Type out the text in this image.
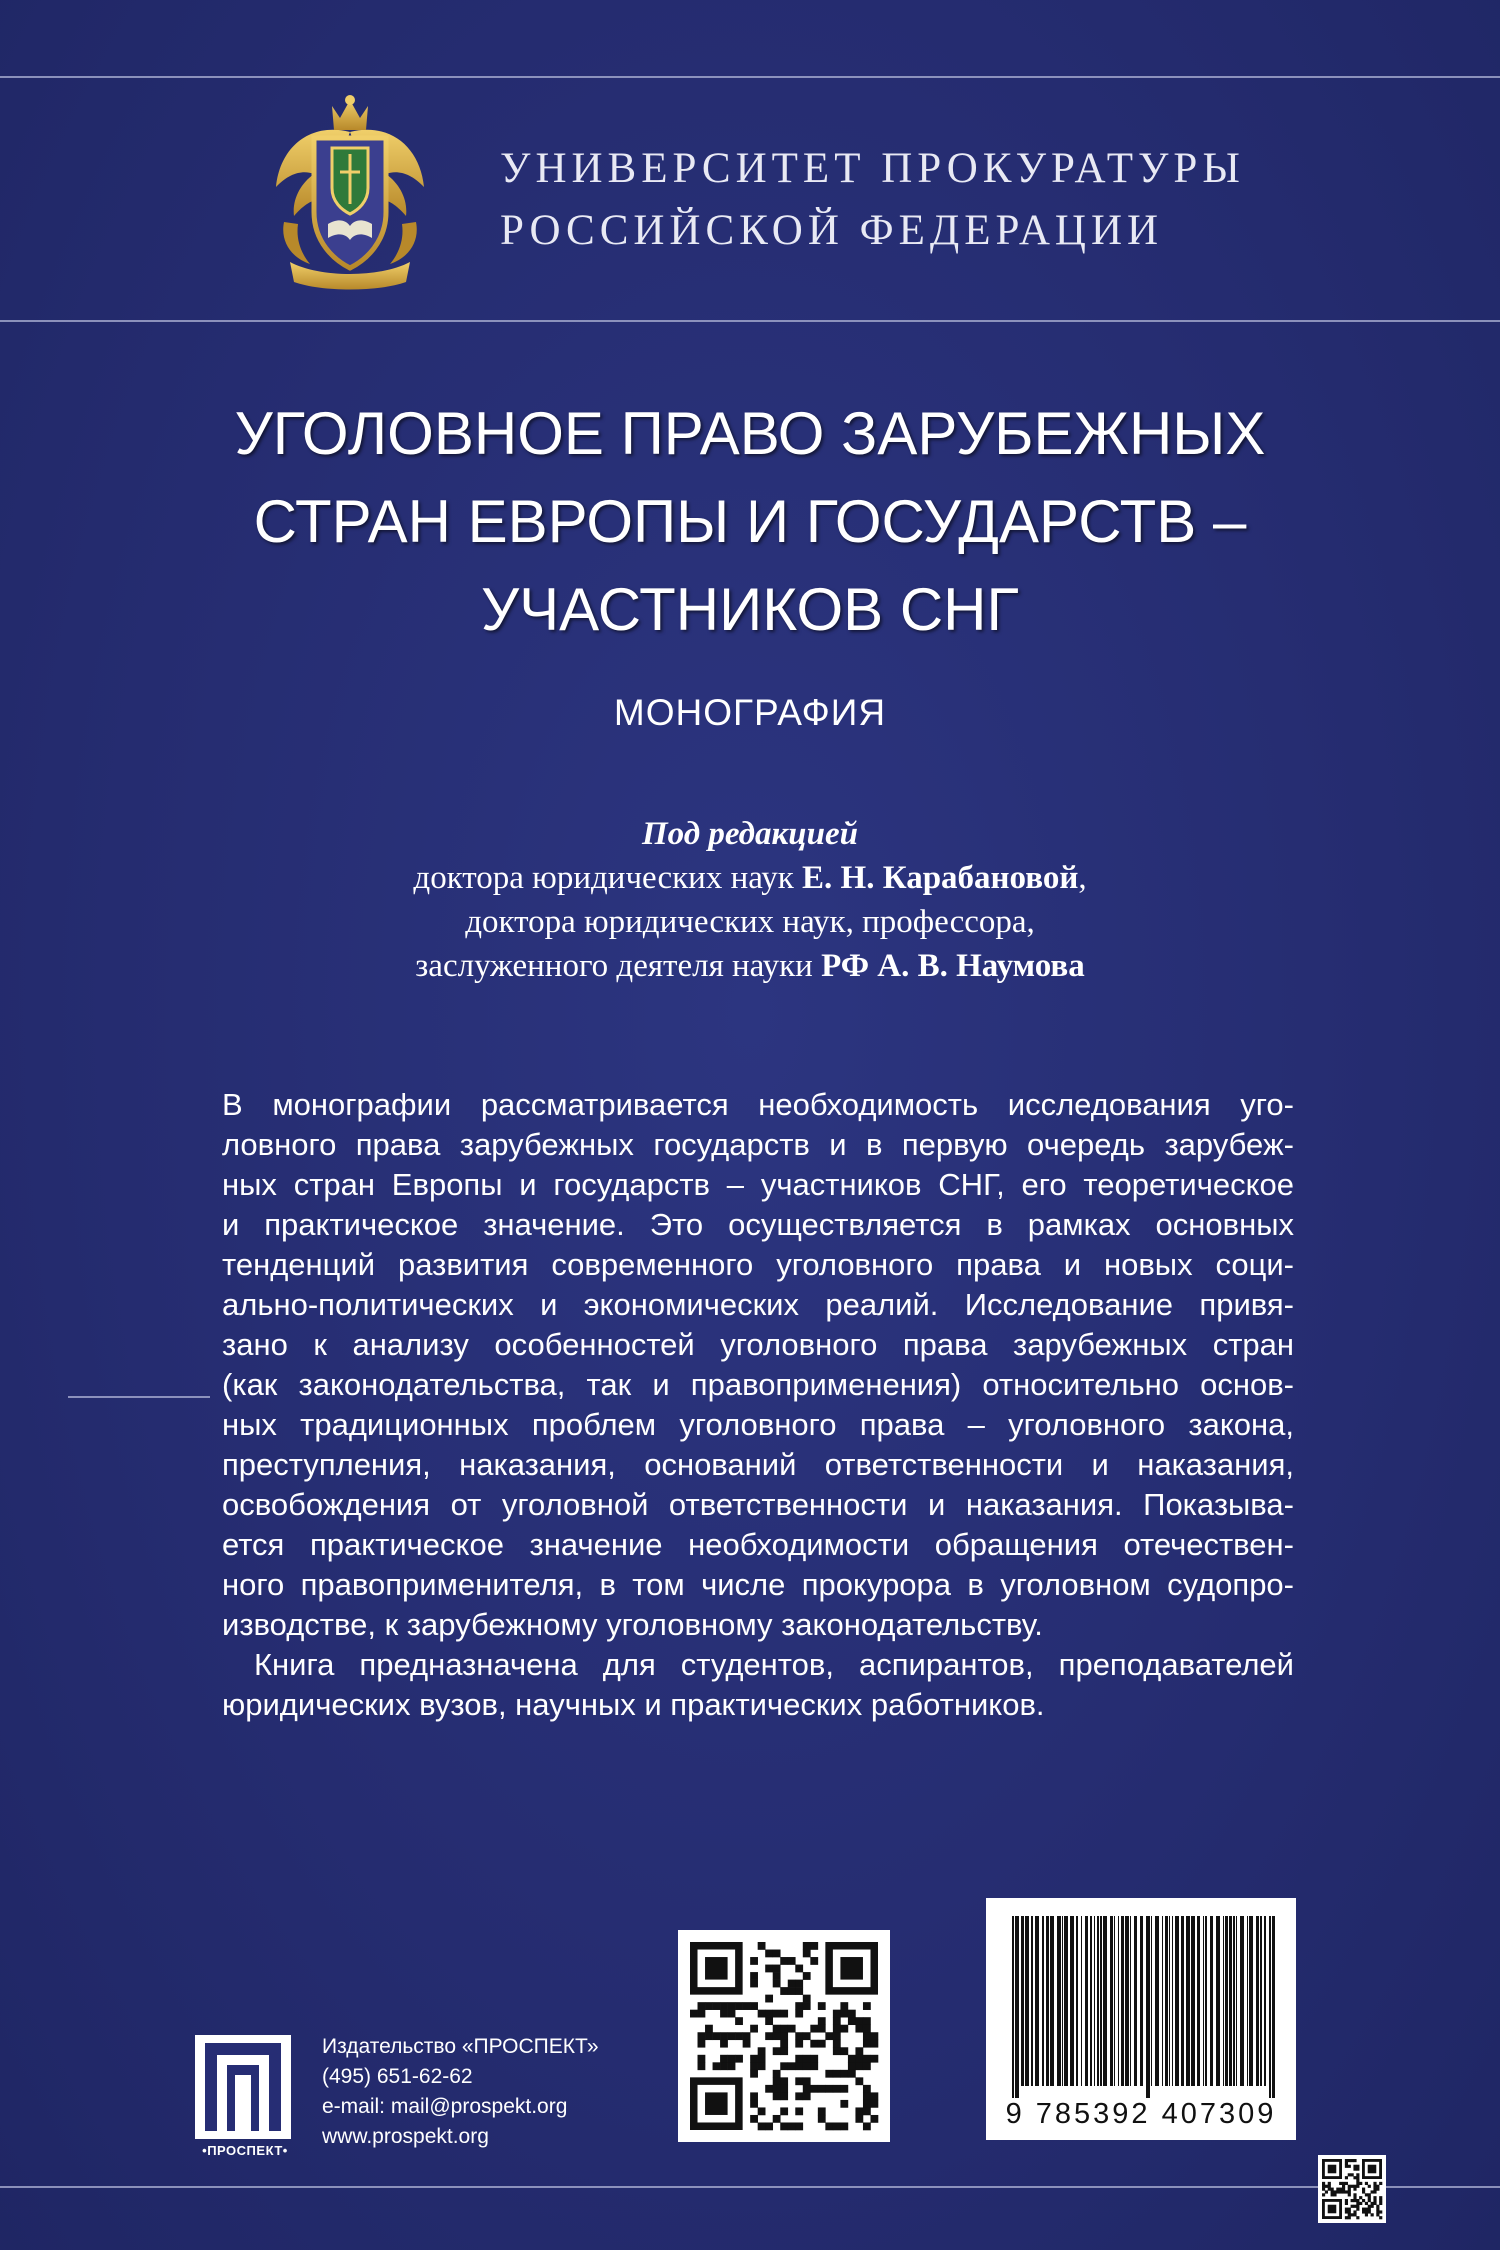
УНИВЕРСИТЕТ ПРОКУРАТУРЫ
РОССИЙСКОЙ ФЕДЕРАЦИИ
УГОЛОВНОЕ ПРАВО ЗАРУБЕЖНЫХ
СТРАН ЕВРОПЫ И ГОСУДАРСТВ –
УЧАСТНИКОВ СНГ
МОНОГРАФИЯ
Под редакцией
доктора юридических наук Е. Н. Карабановой,
доктора юридических наук, профессора,
заслуженного деятеля науки РФ А. В. Наумова

В монографии рассматривается необходимость исследования уго-
ловного права зарубежных государств и в первую очередь зарубеж-
ных стран Европы и государств – участников СНГ, его теоретическое
и практическое значение. Это осуществляется в рамках основных
тенденций развития современного уголовного права и новых соци-
ально-политических и экономических реалий. Исследование привя-
зано к анализу особенностей уголовного права зарубежных стран
(как законодательства, так и правоприменения) относительно основ-
ных традиционных проблем уголовного права – уголовного закона,
преступления, наказания, оснований ответственности и наказания,
освобождения от уголовной ответственности и наказания. Показыва-
ется практическое значение необходимости обращения отечествен-
ного правоприменителя, в том числе прокурора в уголовном судопро-
изводстве, к зарубежному уголовному законодательству.

Книга предназначена для студентов, аспирантов, преподавателей
юридических вузов, научных и практических работников.

•ПРОСПЕКТ•
Издательство «ПРОСПЕКТ»
(495) 651-62-62
e-mail: mail@prospekt.org
www.prospekt.org
9 785392 407309
